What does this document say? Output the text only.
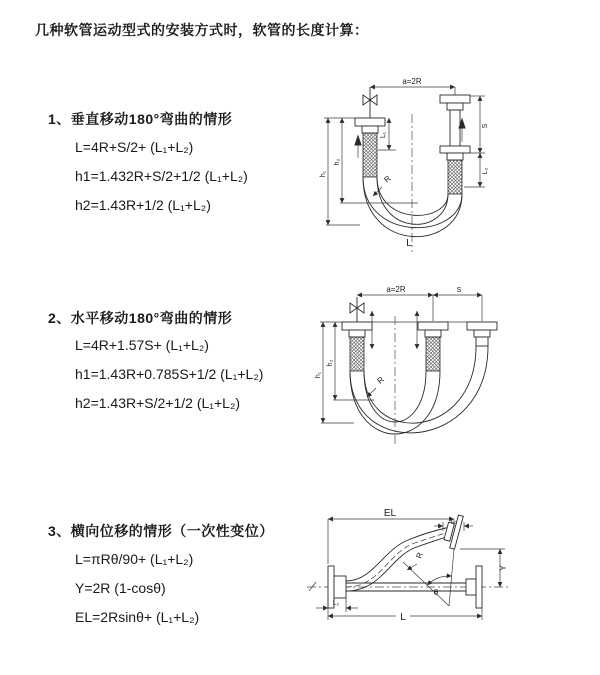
几种软管运动型式的安装方式时，软管的长度计算：
1、垂直移动180°弯曲的情形
L=4R+S/2+ (L₁+L₂)
h1=1.432R+S/2+1/2 (L₁+L₂)
h2=1.43R+1/2 (L₁+L₂)
a=2R
h₁
h₂
L₁
S
L₂
R
L
2、水平移动180°弯曲的情形
L=4R+1.57S+ (L₁+L₂)
h1=1.43R+0.785S+1/2 (L₁+L₂)
h2=1.43R+S/2+1/2 (L₁+L₂)
a=2R	S
h₁
h₂
R
3、横向位移的情形（一次性变位）
L=πRθ/90+ (L₁+L₂)
Y=2R (1-cosθ)
EL=2Rsinθ+ (L₁+L₂)
EL
L₁
Y
θ
R
L₂
L
